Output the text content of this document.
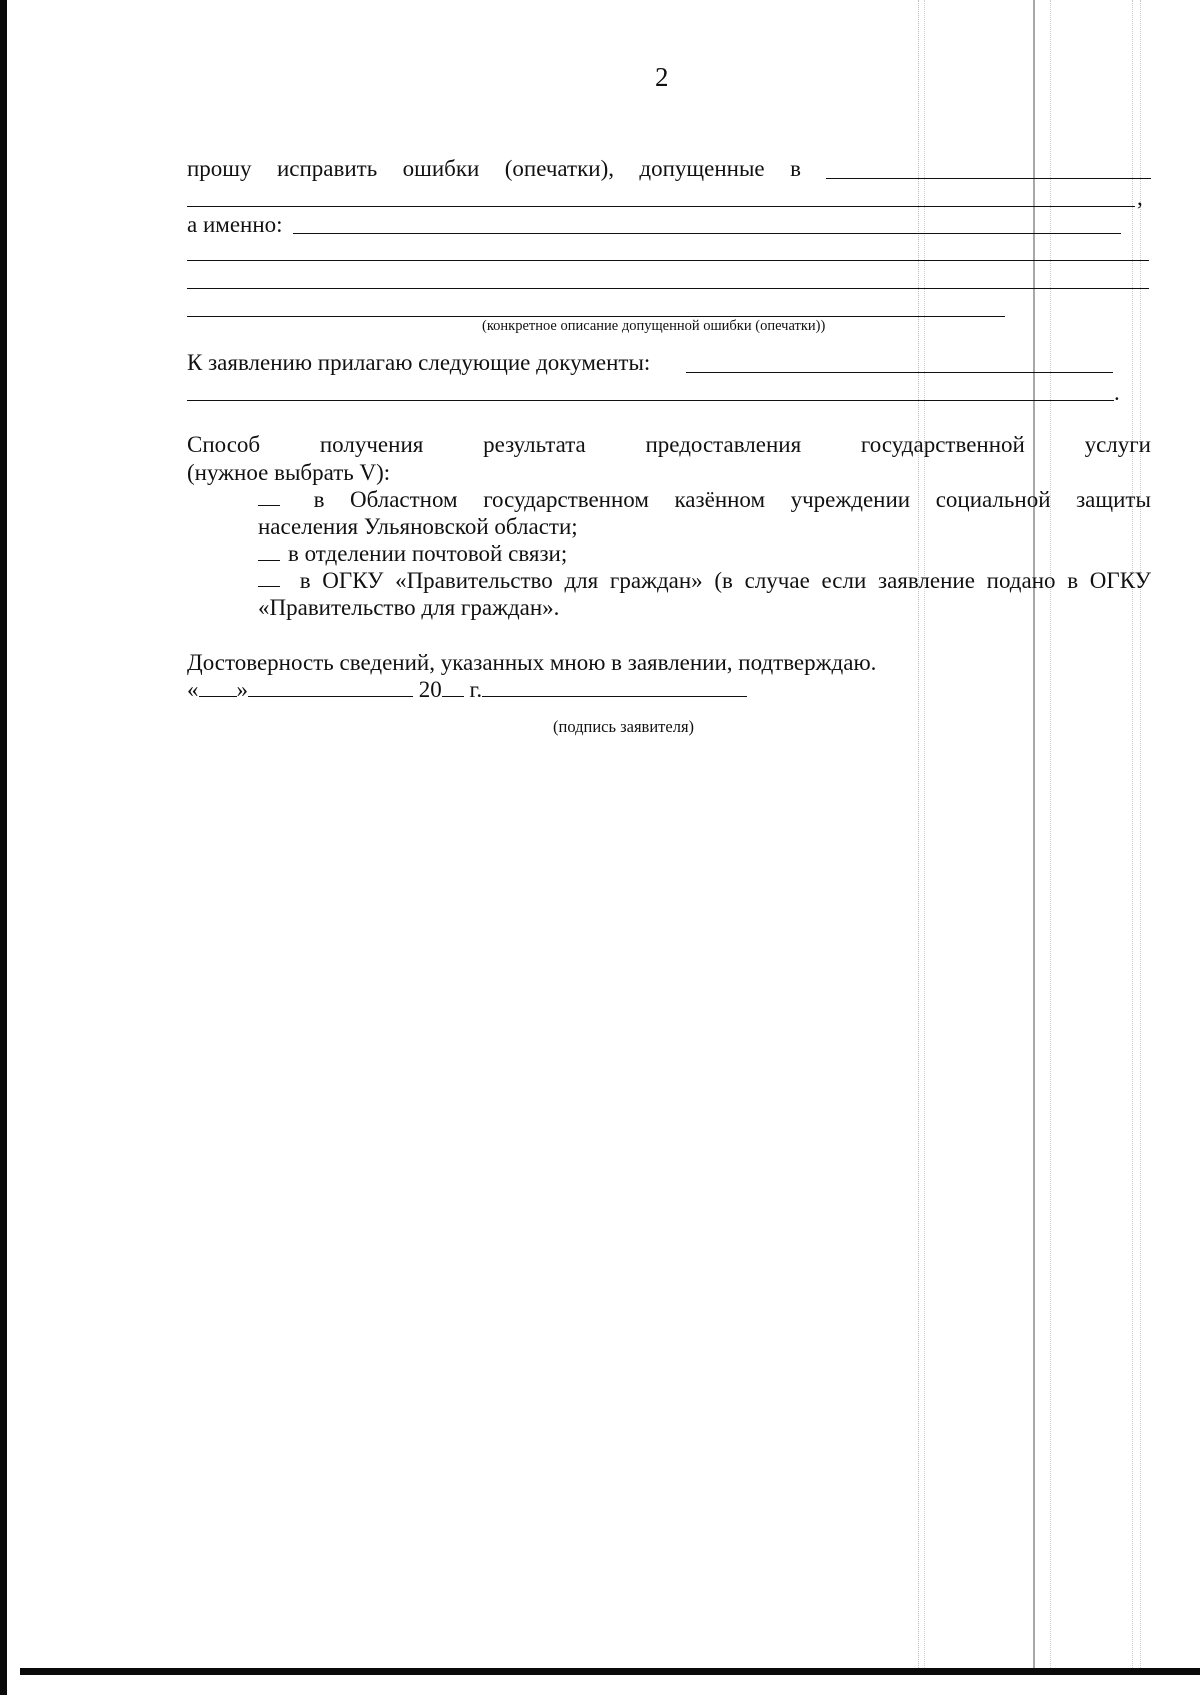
2
прошу исправить ошибки (опечатки), допущенные в
,
а именно:
(конкретное описание допущенной ошибки (опечатки))
К заявлению прилагаю следующие документы:
.
Способ	получения	результата	предоставления	государственной	услуги
(нужное выбрать V):
в Областном государственном казённом учреждении социальной защиты
населения Ульяновской области;
в отделении почтовой связи;
в ОГКУ «Правительство для граждан» (в случае если заявление подано в ОГКУ
«Правительство для граждан».
Достоверность сведений, указанных мною в заявлении, подтверждаю.
« »	20 г.
(подпись заявителя)
